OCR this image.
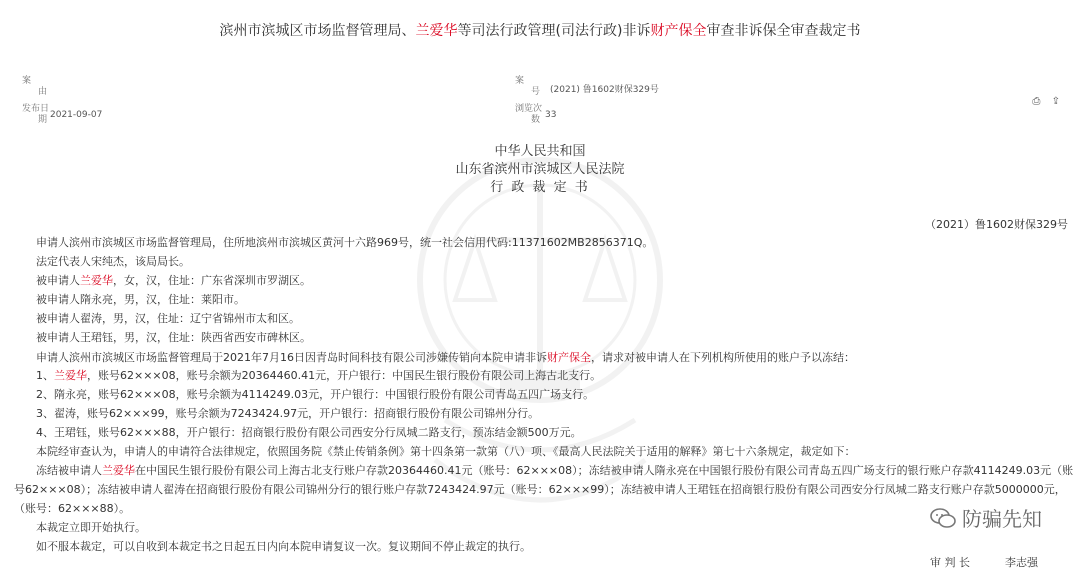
滨州市滨城区市场监督管理局、兰爱华等司法行政管理(司法行政)非诉财产保全审查非诉保全审查裁定书
案
由
发布日
期 2021-09-07
案
号 (2021) 鲁1602财保329号
浏览次
数 33
⎙ ⇪
中华人民共和国
山东省滨州市滨城区人民法院
行 政 裁 定 书
（2021）鲁1602财保329号
申请人滨州市滨城区市场监督管理局，住所地滨州市滨城区黄河十六路969号，统一社会信用代码:11371602MB2856371Q。
法定代表人宋纯杰，该局局长。
被申请人兰爱华，女，汉，住址：广东省深圳市罗湖区。
被申请人隋永亮，男，汉，住址：莱阳市。
被申请人翟涛，男，汉，住址：辽宁省锦州市太和区。
被申请人王珺钰，男，汉，住址：陕西省西安市碑林区。
申请人滨州市滨城区市场监督管理局于2021年7月16日因青岛时间科技有限公司涉嫌传销向本院申请非诉财产保全，请求对被申请人在下列机构所使用的账户予以冻结：
1、兰爱华，账号62×××08，账号余额为20364460.41元，开户银行：中国民生银行股份有限公司上海古北支行。
2、隋永亮，账号62×××08，账号余额为4114249.03元，开户银行：中国银行股份有限公司青岛五四广场支行。
3、翟涛，账号62×××99，账号余额为7243424.97元，开户银行：招商银行股份有限公司锦州分行。
4、王珺钰，账号62×××88，开户银行：招商银行股份有限公司西安分行凤城二路支行，预冻结金额500万元。
本院经审查认为，申请人的申请符合法律规定，依照国务院《禁止传销条例》第十四条第一款第（八）项、《最高人民法院关于适用的解释》第七十六条规定，裁定如下：
冻结被申请人兰爱华在中国民生银行股份有限公司上海古北支行账户存款20364460.41元（账号：62×××08）；冻结被申请人隋永亮在中国银行股份有限公司青岛五四广场支行的银行账户存款4114249.03元（账
号62×××08）；冻结被申请人翟涛在招商银行股份有限公司锦州分行的银行账户存款7243424.97元（账号：62×××99）；冻结被申请人王珺钰在招商银行股份有限公司西安分行凤城二路支行账户存款5000000元，
（账号：62×××88）。
本裁定立即开始执行。
如不服本裁定，可以自收到本裁定书之日起五日内向本院申请复议一次。复议期间不停止裁定的执行。
审 判 长	李志强
防骗先知
